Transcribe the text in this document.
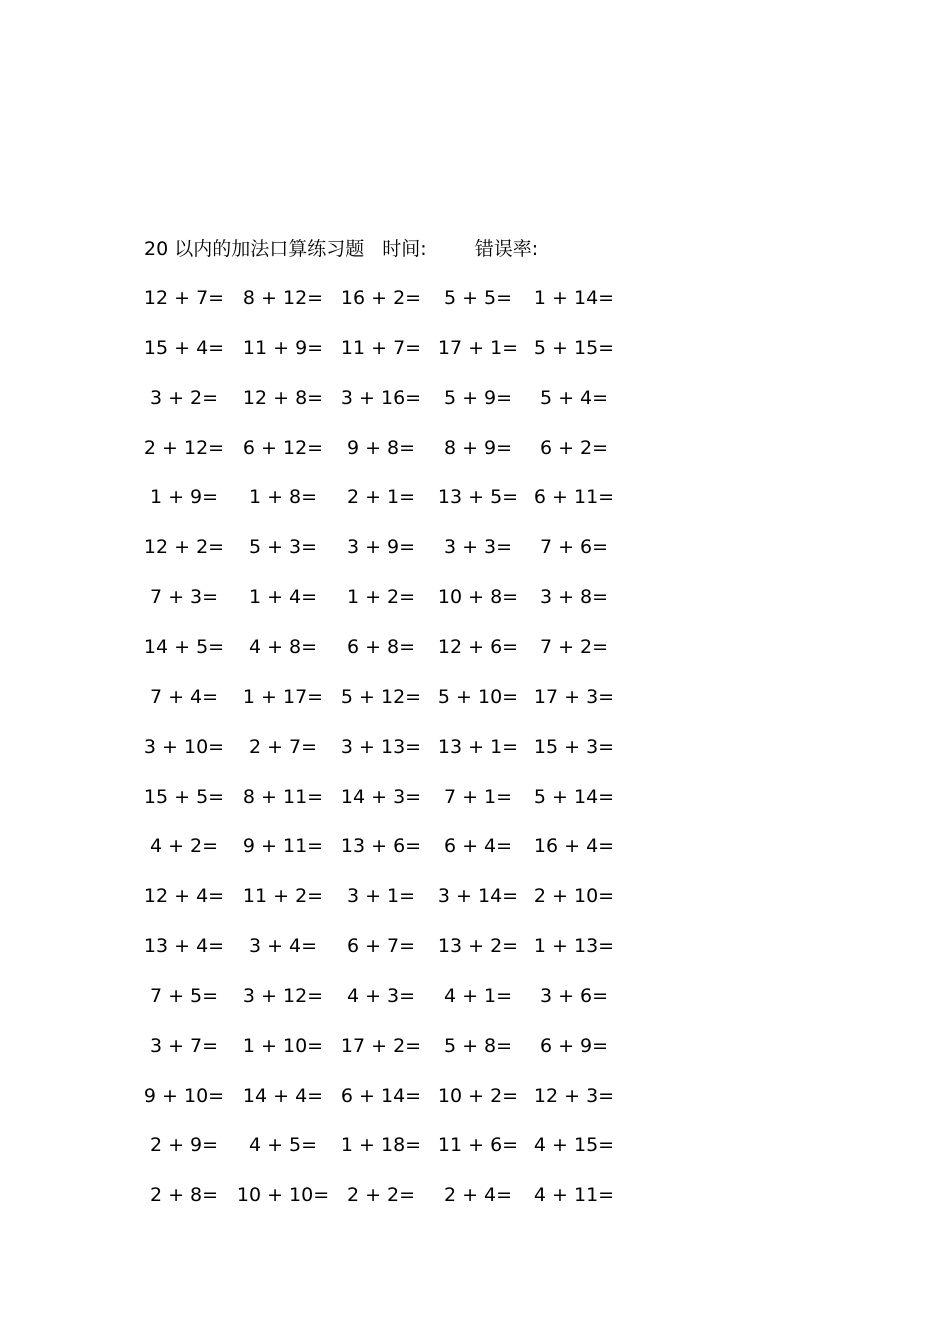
20 以内的加法口算练习题 时间:	错误率:
12 + 7= 8 + 12= 16 + 2= 5 + 5= 1 + 14=
15 + 4= 11 + 9= 11 + 7= 17 + 1= 5 + 15=
3 + 2= 12 + 8= 3 + 16= 5 + 9= 5 + 4=
2 + 12= 6 + 12= 9 + 8= 8 + 9= 6 + 2=
1 + 9= 1 + 8= 2 + 1= 13 + 5= 6 + 11=
12 + 2= 5 + 3= 3 + 9= 3 + 3= 7 + 6=
7 + 3= 1 + 4= 1 + 2= 10 + 8= 3 + 8=
14 + 5= 4 + 8= 6 + 8= 12 + 6= 7 + 2=
7 + 4= 1 + 17= 5 + 12= 5 + 10= 17 + 3=
3 + 10= 2 + 7= 3 + 13= 13 + 1= 15 + 3=
15 + 5= 8 + 11= 14 + 3= 7 + 1= 5 + 14=
4 + 2= 9 + 11= 13 + 6= 6 + 4= 16 + 4=
12 + 4= 11 + 2= 3 + 1= 3 + 14= 2 + 10=
13 + 4= 3 + 4= 6 + 7= 13 + 2= 1 + 13=
7 + 5= 3 + 12= 4 + 3= 4 + 1= 3 + 6=
3 + 7= 1 + 10= 17 + 2= 5 + 8= 6 + 9=
9 + 10= 14 + 4= 6 + 14= 10 + 2= 12 + 3=
2 + 9= 4 + 5= 1 + 18= 11 + 6= 4 + 15=
2 + 8= 10 + 10= 2 + 2= 2 + 4= 4 + 11=
